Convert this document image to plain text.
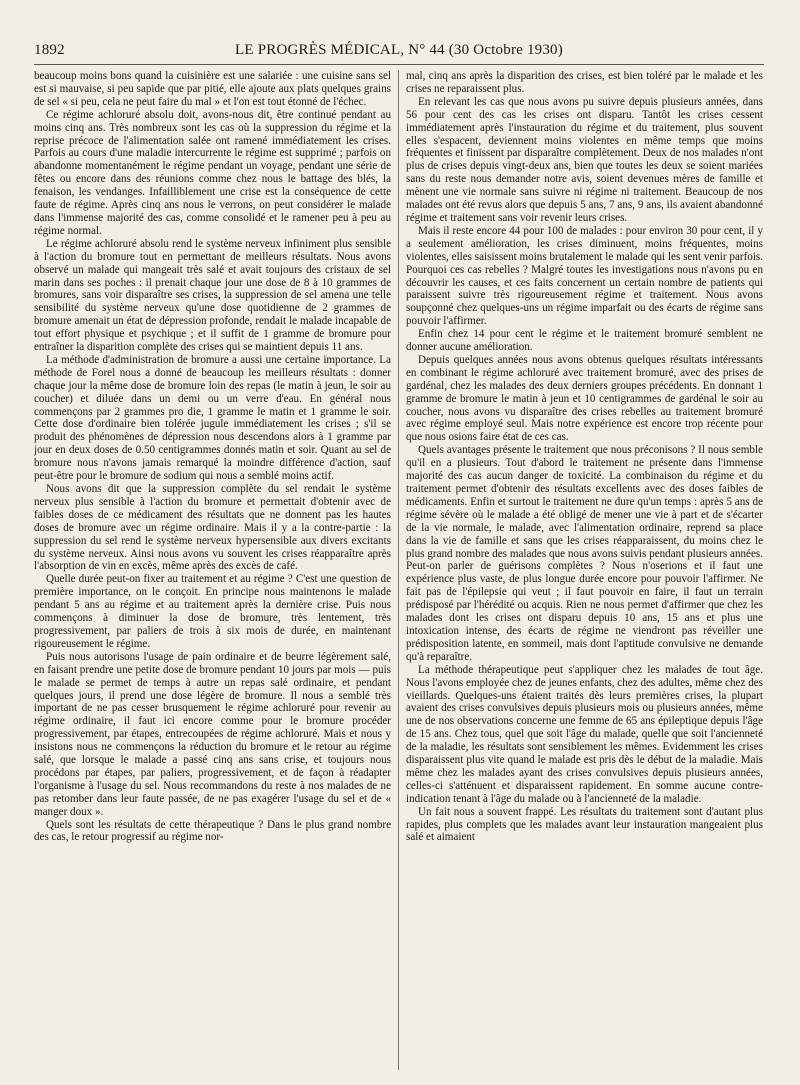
1892	LE PROGRÈS MÉDICAL, N° 44 (30 Octobre 1930)

beaucoup moins bons quand la cuisinière est une salariée : une cuisine sans sel est si mauvaise, si peu sapide que par pitié, elle ajoute aux plats quelques grains de sel « si peu, cela ne peut faire du mal » et l'on est tout étonné de l'échec.

Ce régime achloruré absolu doit, avons-nous dit, être continué pendant au moins cinq ans. Très nombreux sont les cas où la suppression du régime et la reprise précoce de l'alimentation salée ont ramené immédiatement les crises. Parfois au cours d'une maladie intercurrente le régime est supprimé ; parfois on abandonne momentanément le régime pendant un voyage, pendant une série de fêtes ou encore dans des réunions comme chez nous le battage des blés, la fenaison, les vendanges. Infailliblement une crise est la conséquence de cette faute de régime. Après cinq ans nous le verrons, on peut considérer le malade dans l'immense majorité des cas, comme consolidé et le ramener peu à peu au régime normal.

Le régime achloruré absolu rend le système nerveux infiniment plus sensible à l'action du bromure tout en permettant de meilleurs résultats. Nous avons observé un malade qui mangeait très salé et avait toujours des cristaux de sel marin dans ses poches : il prenait chaque jour une dose de 8 à 10 grammes de bromures, sans voir disparaître ses crises, la suppression de sel amena une telle sensibilité du système nerveux qu'une dose quotidienne de 2 grammes de bromure amenait un état de dépression profonde, rendait le malade incapable de tout effort physique et psychique ; et il suffit de 1 gramme de bromure pour entraîner la disparition complète des crises qui se maintient depuis 11 ans.

La méthode d'administration de bromure a aussi une certaine importance. La méthode de Forel nous a donné de beaucoup les meilleurs résultats : donner chaque jour la même dose de bromure loin des repas (le matin à jeun, le soir au coucher) et diluée dans un demi ou un verre d'eau. En général nous commençons par 2 grammes pro die, 1 gramme le matin et 1 gramme le soir. Cette dose d'ordinaire bien tolérée jugule immédiatement les crises ; s'il se produit des phénomènes de dépression nous descendons alors à 1 gramme par jour en deux doses de 0.50 centigrammes donnés matin et soir. Quant au sel de bromure nous n'avons jamais remarqué la moindre différence d'action, sauf peut-être pour le bromure de sodium qui nous a semblé moins actif.

Nous avons dit que la suppression complète du sel rendait le système nerveux plus sensible à l'action du bromure et permettait d'obtenir avec de faibles doses de ce médicament des résultats que ne donnent pas les hautes doses de bromure avec un régime ordinaire. Mais il y a la contre-partie : la suppression du sel rend le système nerveux hypersensible aux divers excitants du système nerveux. Ainsi nous avons vu souvent les crises réapparaître après l'absorption de vin en excès, même après des excès de café.

Quelle durée peut-on fixer au traitement et au régime ? C'est une question de première importance, on le conçoit. En principe nous maintenons le malade pendant 5 ans au régime et au traitement après la dernière crise. Puis nous commençons à diminuer la dose de bromure, très lentement, très progressivement, par paliers de trois à six mois de durée, en maintenant rigoureusement le régime.

Puis nous autorisons l'usage de pain ordinaire et de beurre légèrement salé, en faisant prendre une petite dose de bromure pendant 10 jours par mois — puis le malade se permet de temps à autre un repas salé ordinaire, et pendant quelques jours, il prend une dose légère de bromure. Il nous a semblé très important de ne pas cesser brusquement le régime achloruré pour revenir au régime ordinaire, il faut ici encore comme pour le bromure procéder progressivement, par étapes, entrecoupées de régime achloruré. Mais et nous y insistons nous ne commençons la réduction du bromure et le retour au régime salé, que lorsque le malade a passé cinq ans sans crise, et toujours nous procédons par étapes, par paliers, progressivement, et de façon à réadapter l'organisme à l'usage du sel. Nous recommandons du reste à nos malades de ne pas retomber dans leur faute passée, de ne pas exagérer l'usage du sel et de « manger doux ».

Quels sont les résultats de cette thérapeutique ? Dans le plus grand nombre des cas, le retour progressif au régime nor-

mal, cinq ans après la disparition des crises, est bien toléré par le malade et les crises ne reparaissent plus.

En relevant les cas que nous avons pu suivre depuis plusieurs années, dans 56 pour cent des cas les crises ont disparu. Tantôt les crises cessent immédiatement après l'instauration du régime et du traitement, plus souvent elles s'espacent, deviennent moins violentes en même temps que moins fréquentes et finissent par disparaître complètement. Deux de nos malades n'ont plus de crises depuis vingt-deux ans, bien que toutes les deux se soient mariées sans du reste nous demander notre avis, soient devenues mères de famille et mènent une vie normale sans suivre ni régime ni traitement. Beaucoup de nos malades ont été revus alors que depuis 5 ans, 7 ans, 9 ans, ils avaient abandonné régime et traitement sans voir revenir leurs crises.

Mais il reste encore 44 pour 100 de malades : pour environ 30 pour cent, il y a seulement amélioration, les crises diminuent, moins fréquentes, moins violentes, elles saisissent moins brutalement le malade qui les sent venir parfois. Pourquoi ces cas rebelles ? Malgré toutes les investigations nous n'avons pu en découvrir les causes, et ces faits concernent un certain nombre de patients qui paraissent suivre très rigoureusement régime et traitement. Nous avons soupçonné chez quelques-uns un régime imparfait ou des écarts de régime sans pouvoir l'affirmer.

Enfin chez 14 pour cent le régime et le traitement bromuré semblent ne donner aucune amélioration.

Depuis quelques années nous avons obtenus quelques résultats intéressants en combinant le régime achloruré avec traitement bromuré, avec des prises de gardénal, chez les malades des deux derniers groupes précédents. En donnant 1 gramme de bromure le matin à jeun et 10 centigrammes de gardénal le soir au coucher, nous avons vu disparaître des crises rebelles au traitement bromuré avec régime employé seul. Mais notre expérience est encore trop récente pour que nous osions faire état de ces cas.

Quels avantages présente le traitement que nous préconisons ? Il nous semble qu'il en a plusieurs. Tout d'abord le traitement ne présente dans l'immense majorité des cas aucun danger de toxicité. La combinaison du régime et du traitement permet d'obtenir des résultats excellents avec des doses faibles de médicaments. Enfin et surtout le traitement ne dure qu'un temps : après 5 ans de régime sévère où le malade a été obligé de mener une vie à part et de s'écarter de la vie normale, le malade, avec l'alimentation ordinaire, reprend sa place dans la vie de famille et sans que les crises réapparaissent, du moins chez le plus grand nombre des malades que nous avons suivis pendant plusieurs années. Peut-on parler de guérisons complètes ? Nous n'oserions et il faut une expérience plus vaste, de plus longue durée encore pour pouvoir l'affirmer. Ne fait pas de l'épilepsie qui veut ; il faut pouvoir en faire, il faut un terrain prédisposé par l'hérédité ou acquis. Rien ne nous permet d'affirmer que chez les malades dont les crises ont disparu depuis 10 ans, 15 ans et plus une intoxication intense, des écarts de régime ne viendront pas réveiller une prédisposition latente, en sommeil, mais dont l'aptitude convulsive ne demande qu'à reparaître.

La méthode thérapeutique peut s'appliquer chez les malades de tout âge. Nous l'avons employée chez de jeunes enfants, chez des adultes, même chez des vieillards. Quelques-uns étaient traités dès leurs premières crises, la plupart avaient des crises convulsives depuis plusieurs mois ou plusieurs années, même une de nos observations concerne une femme de 65 ans épileptique depuis l'âge de 15 ans. Chez tous, quel que soit l'âge du malade, quelle que soit l'ancienneté de la maladie, les résultats sont sensiblement les mêmes. Evidemment les crises disparaissent plus vite quand le malade est pris dès le début de la maladie. Mais même chez les malades ayant des crises convulsives depuis plusieurs années, celles-ci s'atténuent et disparaissent rapidement. En somme aucune contre-indication tenant à l'âge du malade ou à l'ancienneté de la maladie.

Un fait nous a souvent frappé. Les résultats du traitement sont d'autant plus rapides, plus complets que les malades avant leur instauration mangeaient plus salé et aimaient
